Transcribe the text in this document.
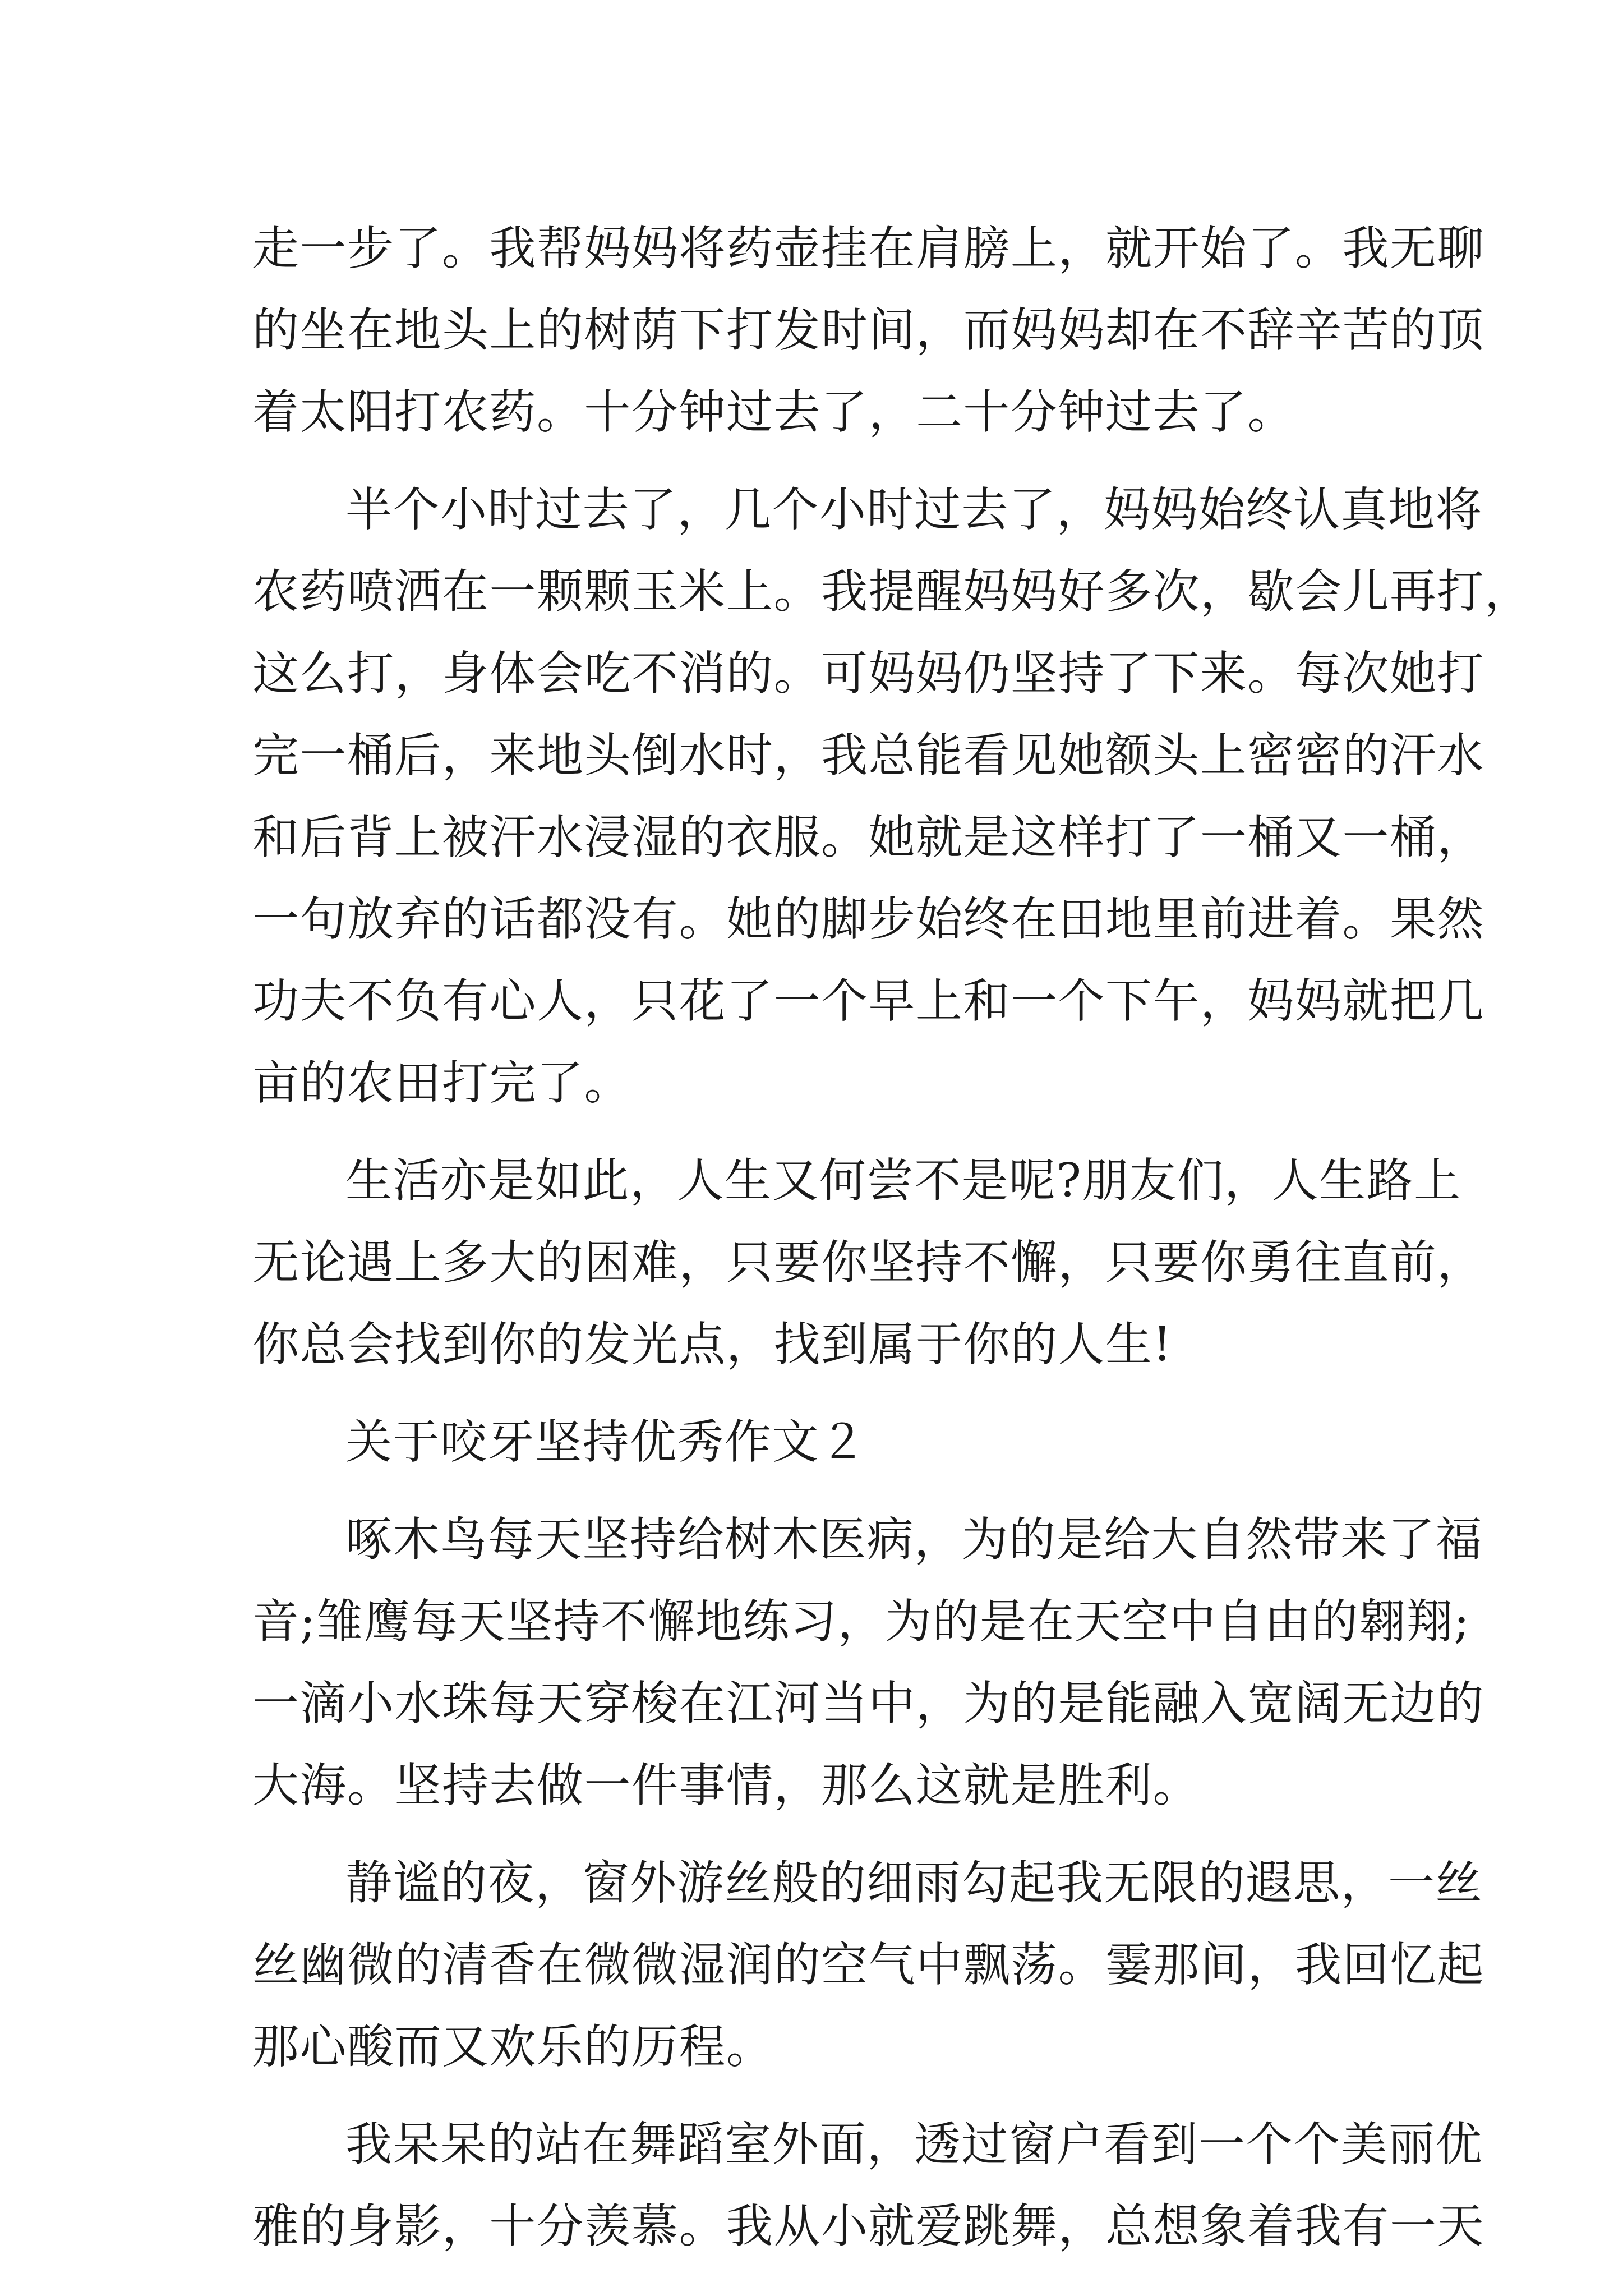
走一步了。我帮妈妈将药壶挂在肩膀上，就开始了。我无聊
的坐在地头上的树荫下打发时间，而妈妈却在不辞辛苦的顶
着太阳打农药。十分钟过去了，二十分钟过去了。
半个小时过去了，几个小时过去了，妈妈始终认真地将
农药喷洒在一颗颗玉米上。我提醒妈妈好多次，歇会儿再打，
这么打，身体会吃不消的。可妈妈仍坚持了下来。每次她打
完一桶后，来地头倒水时，我总能看见她额头上密密的汗水
和后背上被汗水浸湿的衣服。她就是这样打了一桶又一桶，
一句放弃的话都没有。她的脚步始终在田地里前进着。果然
功夫不负有心人，只花了一个早上和一个下午，妈妈就把几
亩的农田打完了。
生活亦是如此，人生又何尝不是呢?朋友们，人生路上
无论遇上多大的困难，只要你坚持不懈，只要你勇往直前，
你总会找到你的发光点，找到属于你的人生!
关于咬牙坚持优秀作文２
啄木鸟每天坚持给树木医病，为的是给大自然带来了福
音;雏鹰每天坚持不懈地练习，为的是在天空中自由的翱翔;
一滴小水珠每天穿梭在江河当中，为的是能融入宽阔无边的
大海。坚持去做一件事情，那么这就是胜利。
静谧的夜，窗外游丝般的细雨勾起我无限的遐思，一丝
丝幽微的清香在微微湿润的空气中飘荡。霎那间，我回忆起
那心酸而又欢乐的历程。
我呆呆的站在舞蹈室外面，透过窗户看到一个个美丽优
雅的身影，十分羡慕。我从小就爱跳舞，总想象着我有一天
